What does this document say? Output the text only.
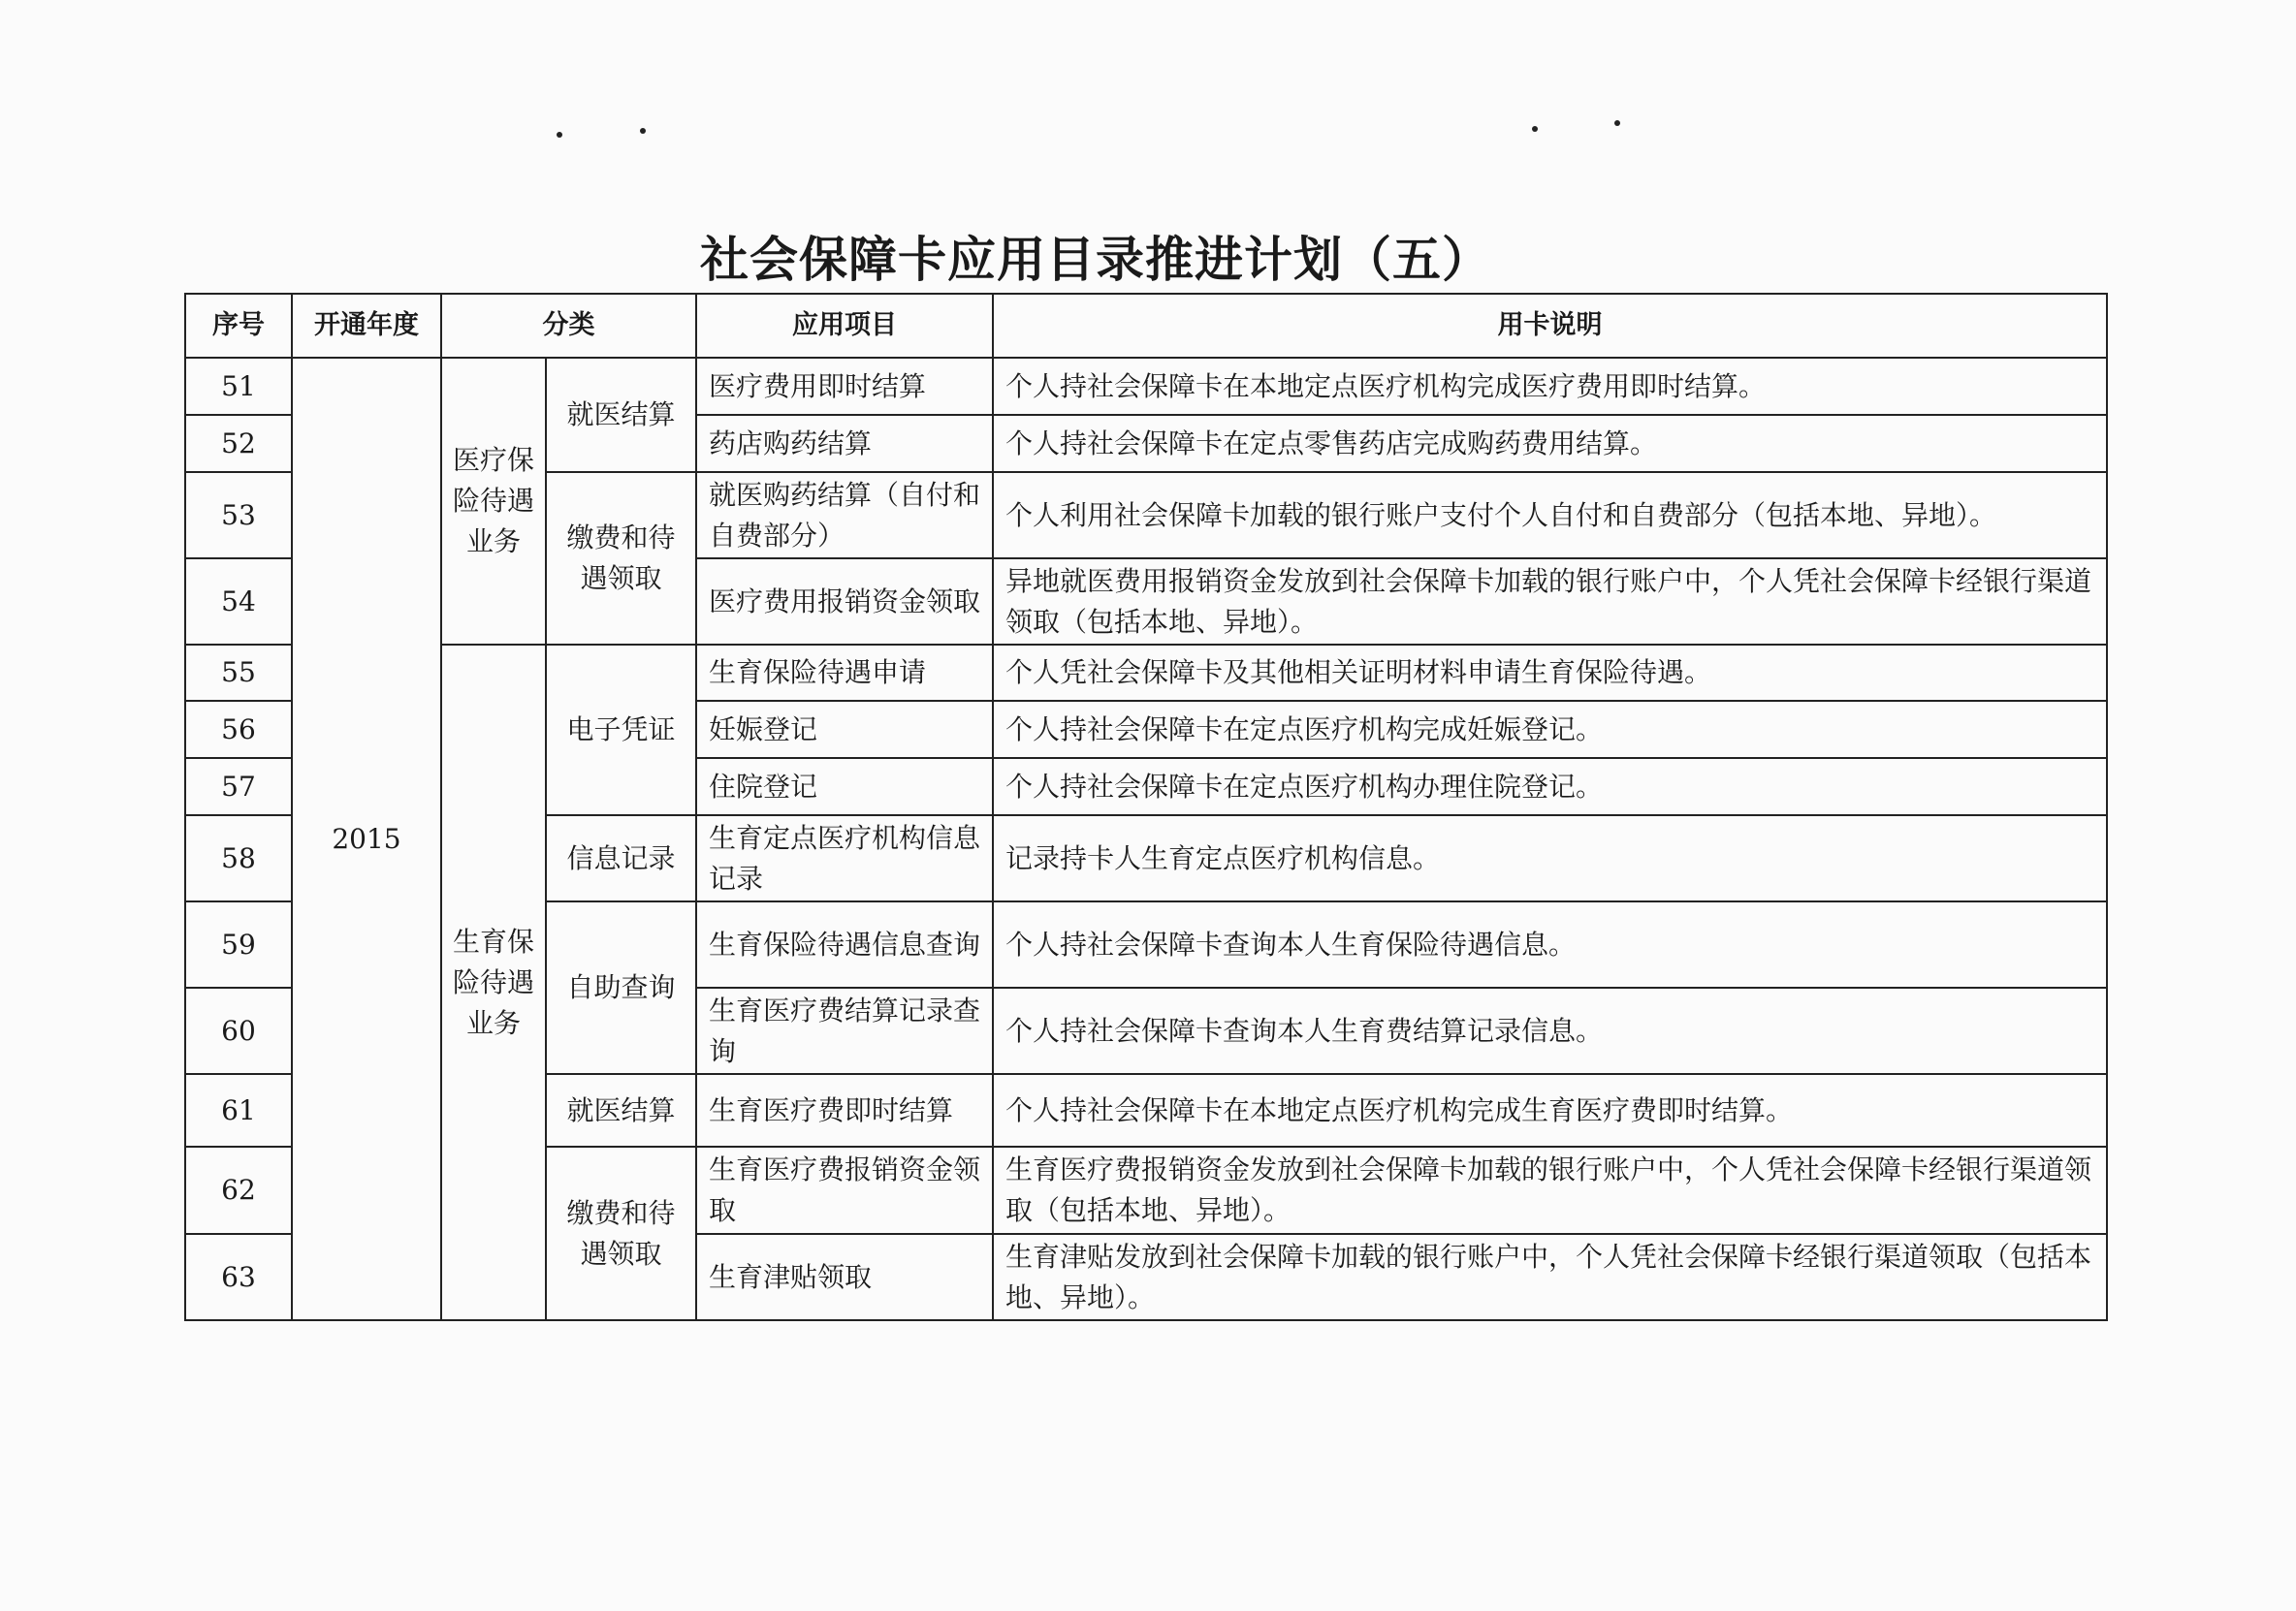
社会保障卡应用目录推进计划（五）
序号	开通年度	分类		应用项目	用卡说明
51	2015	医疗保险待遇业务	就医结算	医疗费用即时结算	个人持社会保障卡在本地定点医疗机构完成医疗费用即时结算。
52				药店购药结算	个人持社会保障卡在定点零售药店完成购药费用结算。
53			缴费和待遇领取	就医购药结算（自付和自费部分）	个人利用社会保障卡加载的银行账户支付个人自付和自费部分（包括本地、异地）。
54				医疗费用报销资金领取	异地就医费用报销资金发放到社会保障卡加载的银行账户中，个人凭社会保障卡经银行渠道领取（包括本地、异地）。
55		生育保险待遇业务	电子凭证	生育保险待遇申请	个人凭社会保障卡及其他相关证明材料申请生育保险待遇。
56				妊娠登记	个人持社会保障卡在定点医疗机构完成妊娠登记。
57				住院登记	个人持社会保障卡在定点医疗机构办理住院登记。
58			信息记录	生育定点医疗机构信息记录	记录持卡人生育定点医疗机构信息。
59			自助查询	生育保险待遇信息查询	个人持社会保障卡查询本人生育保险待遇信息。
60				生育医疗费结算记录查询	个人持社会保障卡查询本人生育费结算记录信息。
61			就医结算	生育医疗费即时结算	个人持社会保障卡在本地定点医疗机构完成生育医疗费即时结算。
62			缴费和待遇领取	生育医疗费报销资金领取	生育医疗费报销资金发放到社会保障卡加载的银行账户中，个人凭社会保障卡经银行渠道领取（包括本地、异地）。
63				生育津贴领取	生育津贴发放到社会保障卡加载的银行账户中，个人凭社会保障卡经银行渠道领取（包括本地、异地）。
